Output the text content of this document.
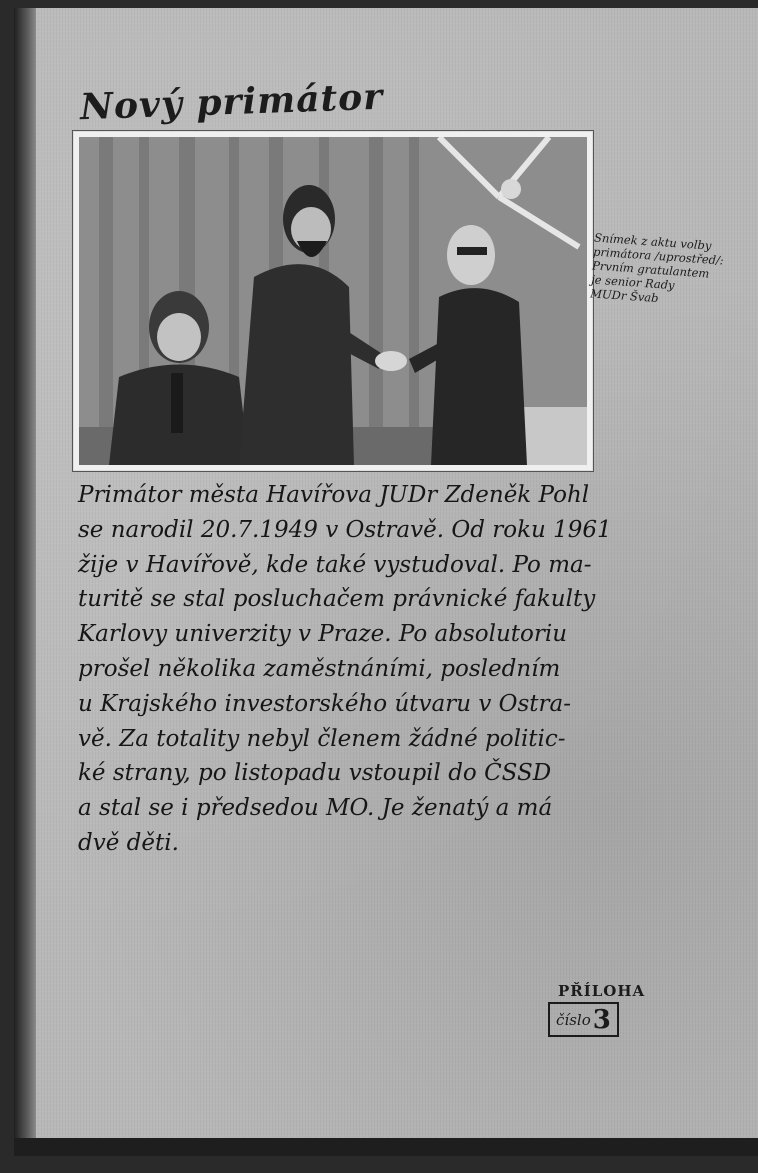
Nový primátor

Snímek z aktu volby
primátora /uprostřed/:
Prvním gratulantem
je senior Rady
MUDr Švab

Primátor města Havířova JUDr Zdeněk Pohl
se narodil 20.7.1949 v Ostravě. Od roku 1961
žije v Havířově, kde také vystudoval. Po ma-
turitě se stal posluchačem právnické fakulty
Karlovy univerzity v Praze. Po absolutoriu
prošel několika zaměstnáními, posledním
u Krajského investorského útvaru v Ostra-
vě. Za totality nebyl členem žádné politic-
ké strany, po listopadu vstoupil do ČSSD
a stal se i předsedou MO. Je ženatý a má
dvě děti.

PŘÍLOHA
číslo3
